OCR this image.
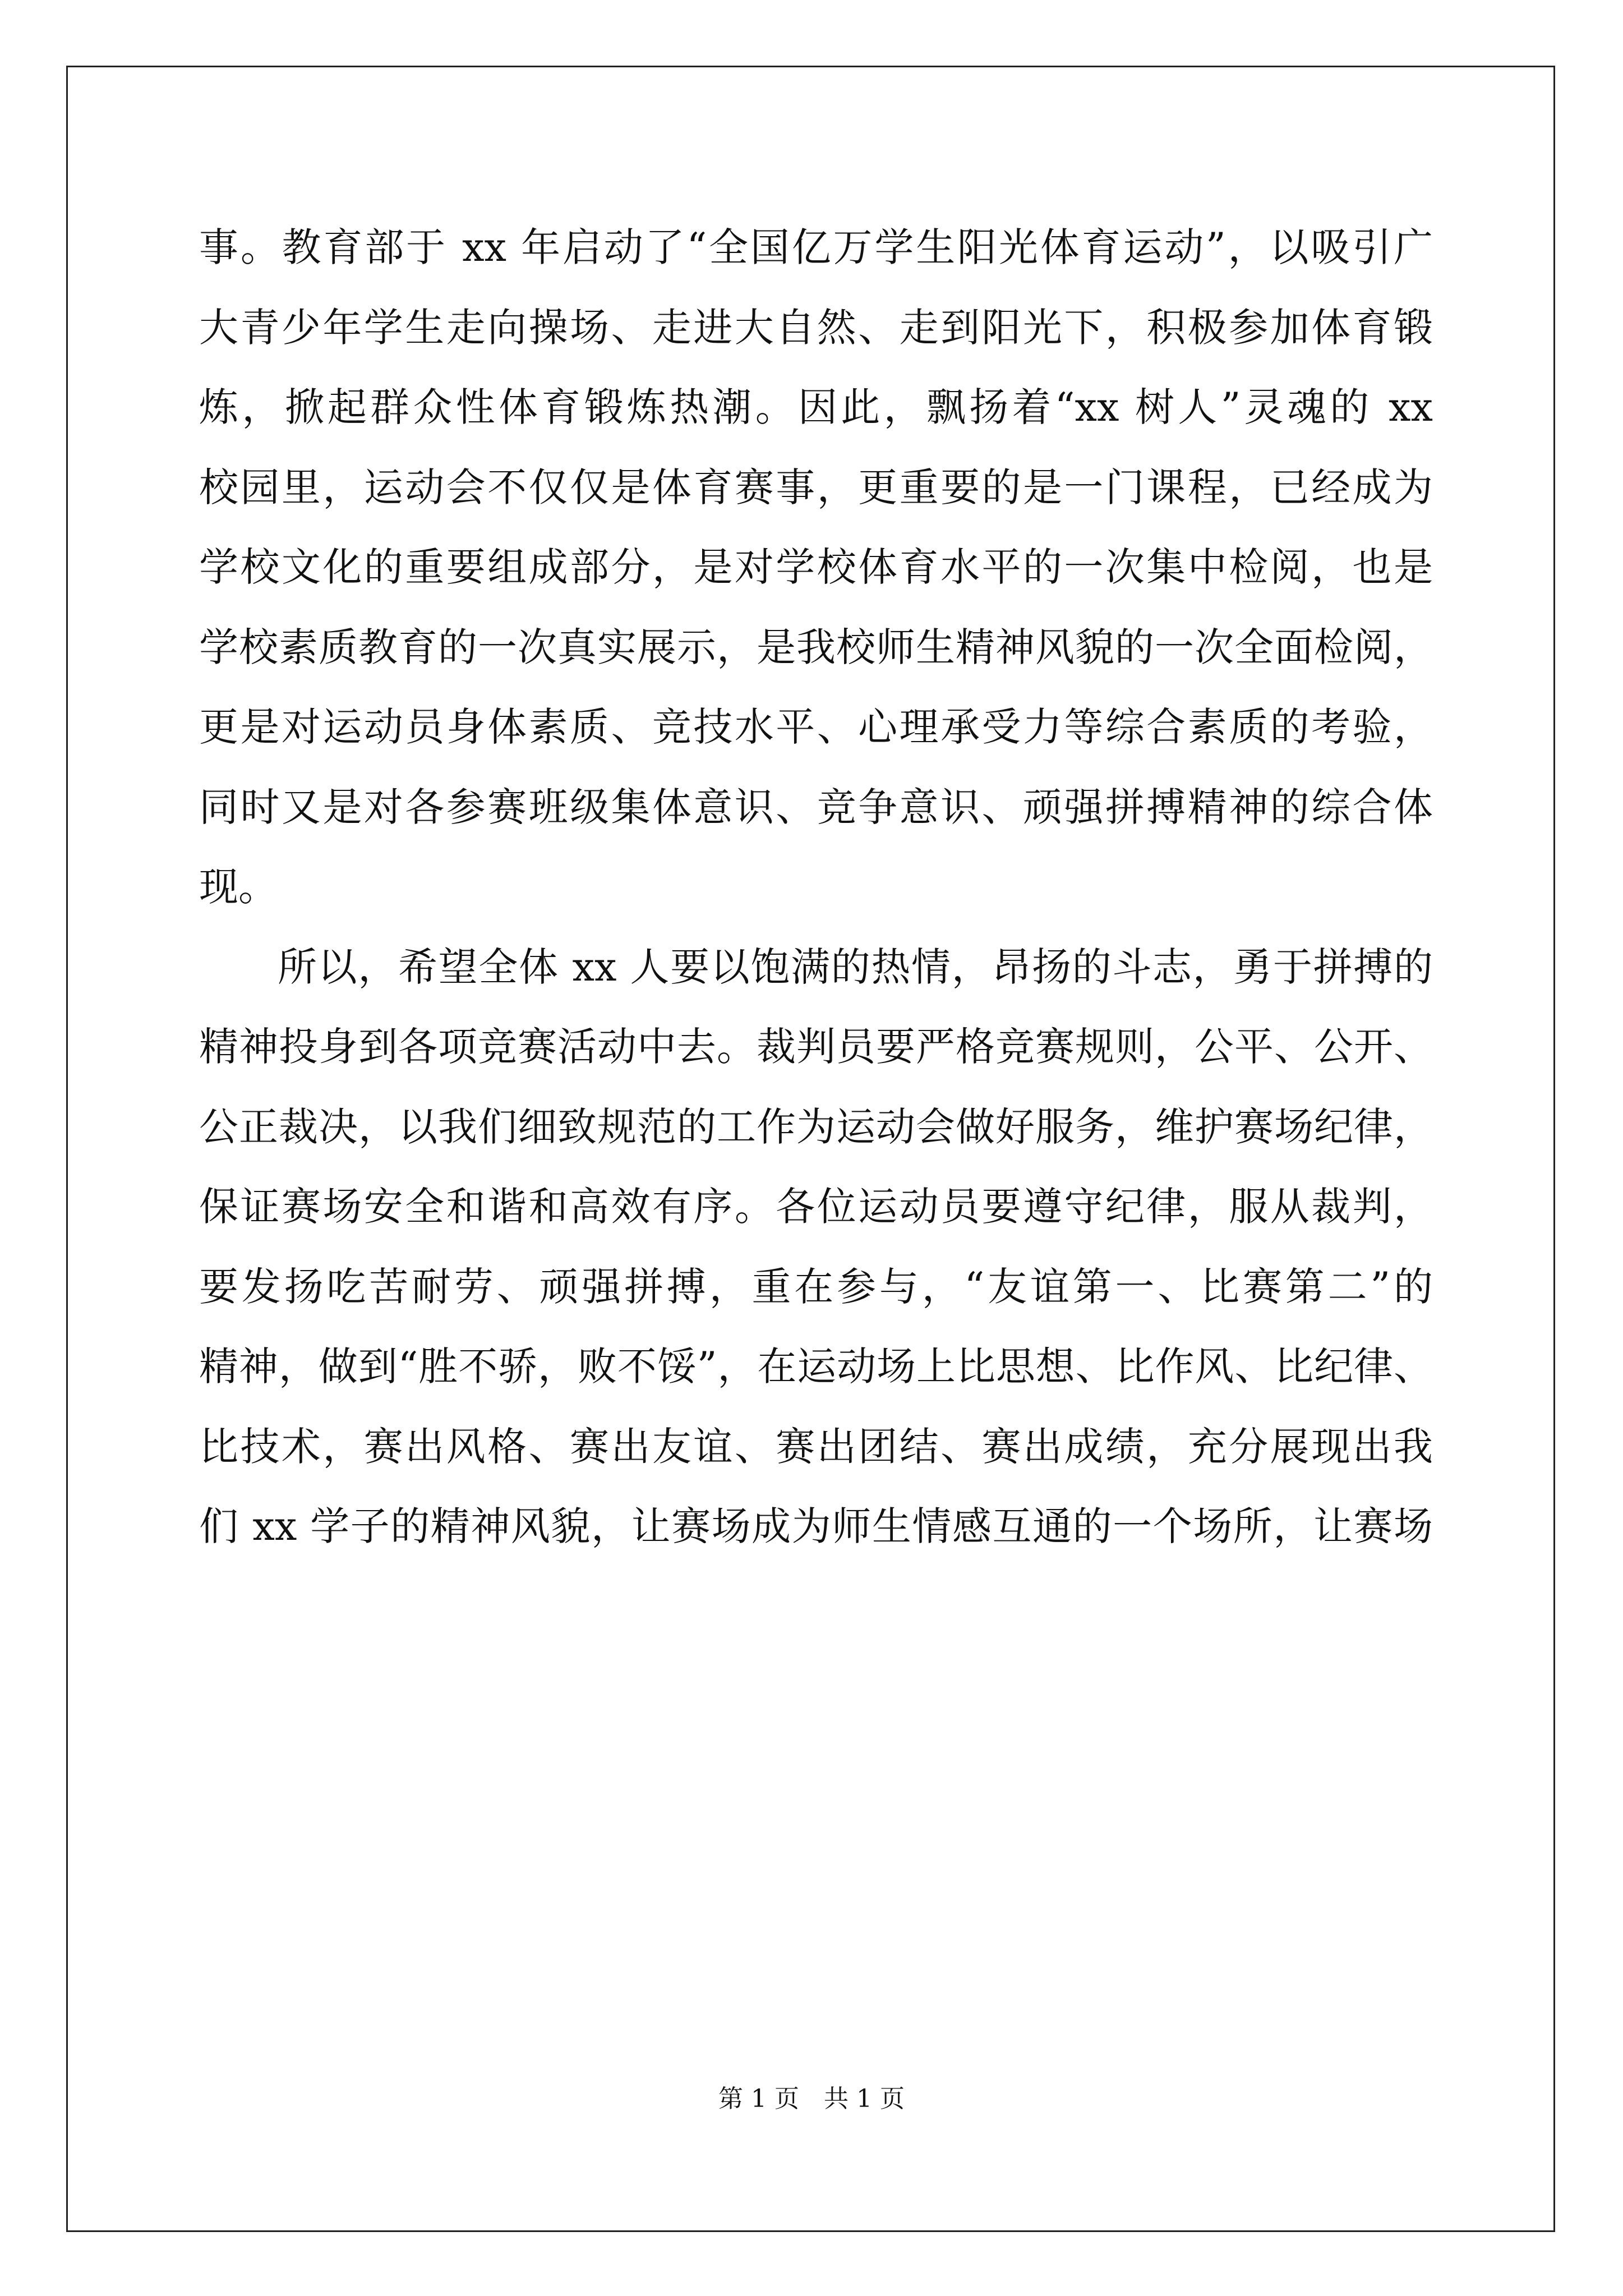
事。教育部于 xx 年启动了“全国亿万学生阳光体育运动”，以吸引广
大青少年学生走向操场、走进大自然、走到阳光下，积极参加体育锻
炼，掀起群众性体育锻炼热潮。因此，飘扬着“xx 树人”灵魂的 xx
校园里，运动会不仅仅是体育赛事，更重要的是一门课程，已经成为
学校文化的重要组成部分，是对学校体育水平的一次集中检阅，也是
学校素质教育的一次真实展示，是我校师生精神风貌的一次全面检阅，
更是对运动员身体素质、竞技水平、心理承受力等综合素质的考验，
同时又是对各参赛班级集体意识、竞争意识、顽强拼搏精神的综合体
现。
所以，希望全体 xx 人要以饱满的热情，昂扬的斗志，勇于拼搏的
精神投身到各项竞赛活动中去。裁判员要严格竞赛规则，公平、公开、
公正裁决，以我们细致规范的工作为运动会做好服务，维护赛场纪律，
保证赛场安全和谐和高效有序。各位运动员要遵守纪律，服从裁判，
要发扬吃苦耐劳、顽强拼搏，重在参与，“友谊第一、比赛第二”的
精神，做到“胜不骄，败不馁”，在运动场上比思想、比作风、比纪律、
比技术，赛出风格、赛出友谊、赛出团结、赛出成绩，充分展现出我
们 xx 学子的精神风貌，让赛场成为师生情感互通的一个场所，让赛场
第 1 页　共 1 页
